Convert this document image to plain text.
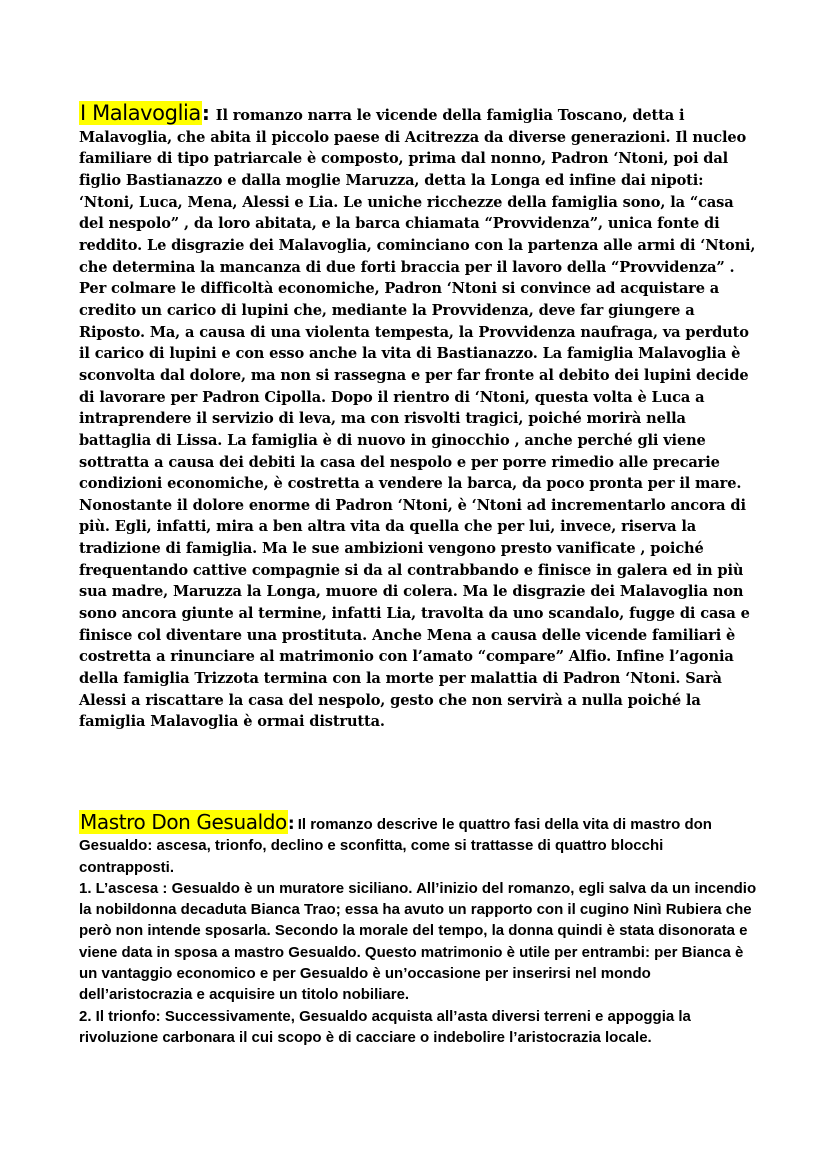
I Malavoglia: Il romanzo narra le vicende della famiglia Toscano, detta i Malavoglia, che abita il piccolo paese di Acitrezza da diverse generazioni. Il nucleo familiare di tipo patriarcale è composto, prima dal nonno, Padron ‘Ntoni, poi dal figlio Bastianazzo e dalla moglie Maruzza, detta la Longa ed infine dai nipoti: ‘Ntoni, Luca, Mena, Alessi e Lia. Le uniche ricchezze della famiglia sono, la “casa del nespolo” , da loro abitata, e la barca chiamata “Provvidenza”, unica fonte di reddito. Le disgrazie dei Malavoglia, cominciano con la partenza alle armi di ‘Ntoni, che determina la mancanza di due forti braccia per il lavoro della “Provvidenza” . Per colmare le difficoltà economiche, Padron ‘Ntoni si convince ad acquistare a credito un carico di lupini che, mediante la Provvidenza, deve far giungere a Riposto. Ma, a causa di una violenta tempesta, la Provvidenza naufraga, va perduto il carico di lupini e con esso anche la vita di Bastianazzo. La famiglia Malavoglia è sconvolta dal dolore, ma non si rassegna e per far fronte al debito dei lupini decide di lavorare per Padron Cipolla. Dopo il rientro di ‘Ntoni, questa volta è Luca a intraprendere il servizio di leva, ma con risvolti tragici, poiché morirà nella battaglia di Lissa. La famiglia è di nuovo in ginocchio , anche perché gli viene sottratta a causa dei debiti la casa del nespolo e per porre rimedio alle precarie condizioni economiche, è costretta a vendere la barca, da poco pronta per il mare. Nonostante il dolore enorme di Padron ‘Ntoni, è ‘Ntoni ad incrementarlo ancora di più. Egli, infatti, mira a ben altra vita da quella che per lui, invece, riserva la tradizione di famiglia. Ma le sue ambizioni vengono presto vanificate , poiché frequentando cattive compagnie si da al contrabbando e finisce in galera ed in più sua madre, Maruzza la Longa, muore di colera. Ma le disgrazie dei Malavoglia non sono ancora giunte al termine, infatti Lia, travolta da uno scandalo, fugge di casa e finisce col diventare una prostituta. Anche Mena a causa delle vicende familiari è costretta a rinunciare al matrimonio con l’amato “compare” Alfio. Infine l’agonia della famiglia Trizzota termina con la morte per malattia di Padron ‘Ntoni. Sarà Alessi a riscattare la casa del nespolo, gesto che non servirà a nulla poiché la famiglia Malavoglia è ormai distrutta.

Mastro Don Gesualdo: Il romanzo descrive le quattro fasi della vita di mastro don Gesualdo: ascesa, trionfo, declino e sconfitta, come si trattasse di quattro blocchi contrapposti.

1. L’ascesa : Gesualdo è un muratore siciliano. All’inizio del romanzo, egli salva da un incendio la nobildonna decaduta Bianca Trao; essa ha avuto un rapporto con il cugino Ninì Rubiera che però non intende sposarla. Secondo la morale del tempo, la donna quindi è stata disonorata e viene data in sposa a mastro Gesualdo. Questo matrimonio è utile per entrambi: per Bianca è un vantaggio economico e per Gesualdo è un’occasione per inserirsi nel mondo dell’aristocrazia e acquisire un titolo nobiliare.

2. Il trionfo: Successivamente, Gesualdo acquista all’asta diversi terreni e appoggia la rivoluzione carbonara il cui scopo è di cacciare o indebolire l’aristocrazia locale.
